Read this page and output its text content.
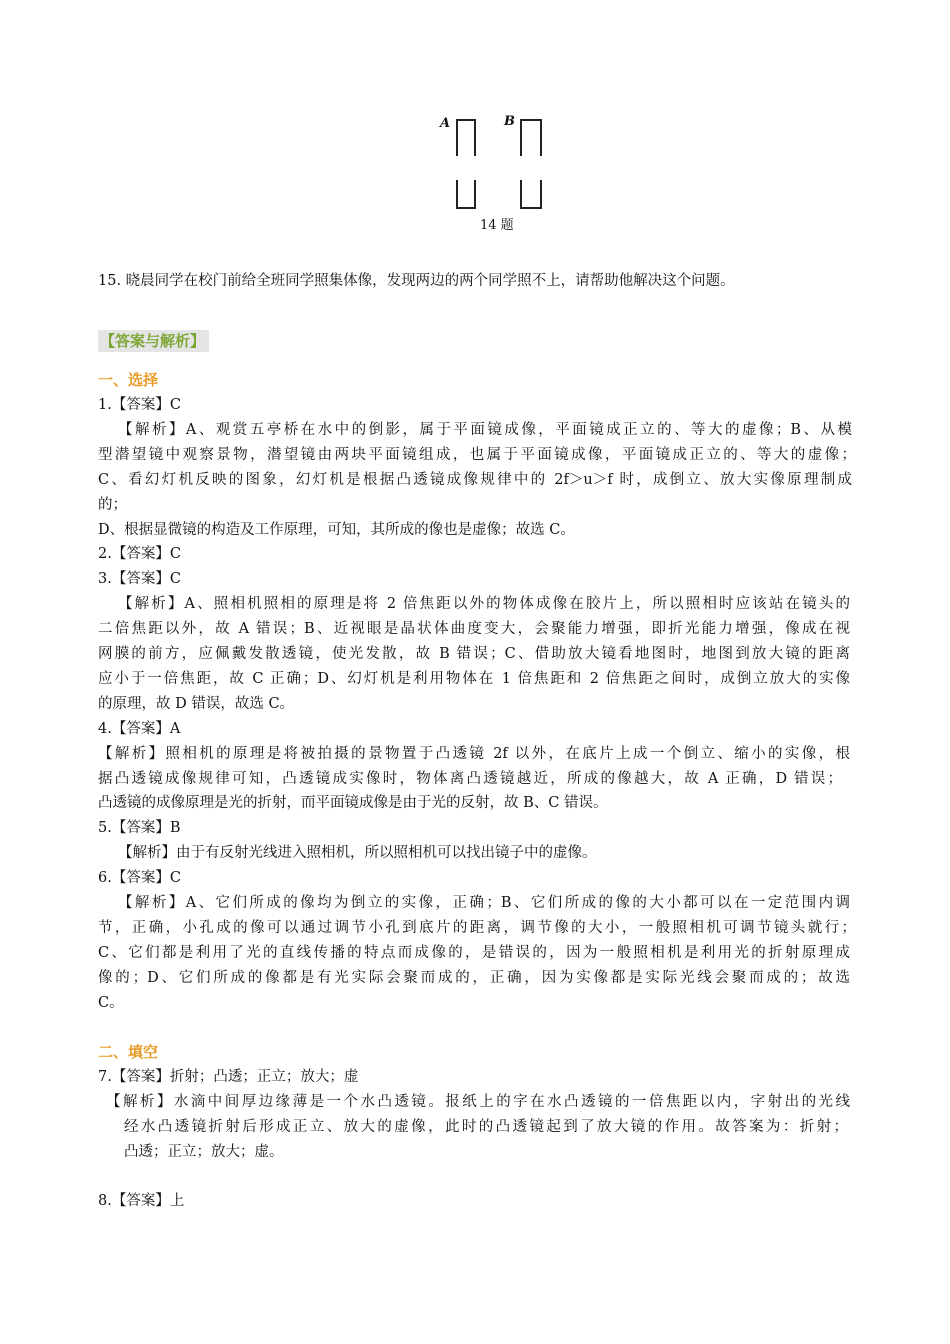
A	B
14 题
15. 晓晨同学在校门前给全班同学照集体像，发现两边的两个同学照不上，请帮助他解决这个问题。
【答案与解析】
一、选择
1.【答案】C
【解析】A、观赏五亭桥在水中的倒影，属于平面镜成像，平面镜成正立的、等大的虚像；B、从模
型潜望镜中观察景物，潜望镜由两块平面镜组成，也属于平面镜成像，平面镜成正立的、等大的虚像；
C、看幻灯机反映的图象，幻灯机是根据凸透镜成像规律中的 2f＞u＞f 时，成倒立、放大实像原理制成
的；
D、根据显微镜的构造及工作原理，可知，其所成的像也是虚像；故选 C。
2.【答案】C
3.【答案】C
【解析】A、照相机照相的原理是将 2 倍焦距以外的物体成像在胶片上，所以照相时应该站在镜头的
二倍焦距以外，故 A 错误；B、近视眼是晶状体曲度变大，会聚能力增强，即折光能力增强，像成在视
网膜的前方，应佩戴发散透镜，使光发散，故 B 错误；C、借助放大镜看地图时，地图到放大镜的距离
应小于一倍焦距，故 C 正确；D、幻灯机是利用物体在 1 倍焦距和 2 倍焦距之间时，成倒立放大的实像
的原理，故 D 错误，故选 C。
4.【答案】A
【解析】照相机的原理是将被拍摄的景物置于凸透镜 2f 以外，在底片上成一个倒立、缩小的实像，根
据凸透镜成像规律可知，凸透镜成实像时，物体离凸透镜越近，所成的像越大，故 A 正确，D 错误；
凸透镜的成像原理是光的折射，而平面镜成像是由于光的反射，故 B、C 错误。
5.【答案】B
【解析】由于有反射光线进入照相机，所以照相机可以找出镜子中的虚像。
6.【答案】C
【解析】A、它们所成的像均为倒立的实像，正确；B、它们所成的像的大小都可以在一定范围内调
节，正确，小孔成的像可以通过调节小孔到底片的距离，调节像的大小，一般照相机可调节镜头就行；
C、它们都是利用了光的直线传播的特点而成像的，是错误的，因为一般照相机是利用光的折射原理成
像的；D、它们所成的像都是有光实际会聚而成的，正确，因为实像都是实际光线会聚而成的；故选
C。
二、填空
7.【答案】折射；凸透；正立；放大；虚
【解析】水滴中间厚边缘薄是一个水凸透镜。报纸上的字在水凸透镜的一倍焦距以内，字射出的光线
经水凸透镜折射后形成正立、放大的虚像，此时的凸透镜起到了放大镜的作用。故答案为：折射；
凸透；正立；放大；虚。
8.【答案】上
